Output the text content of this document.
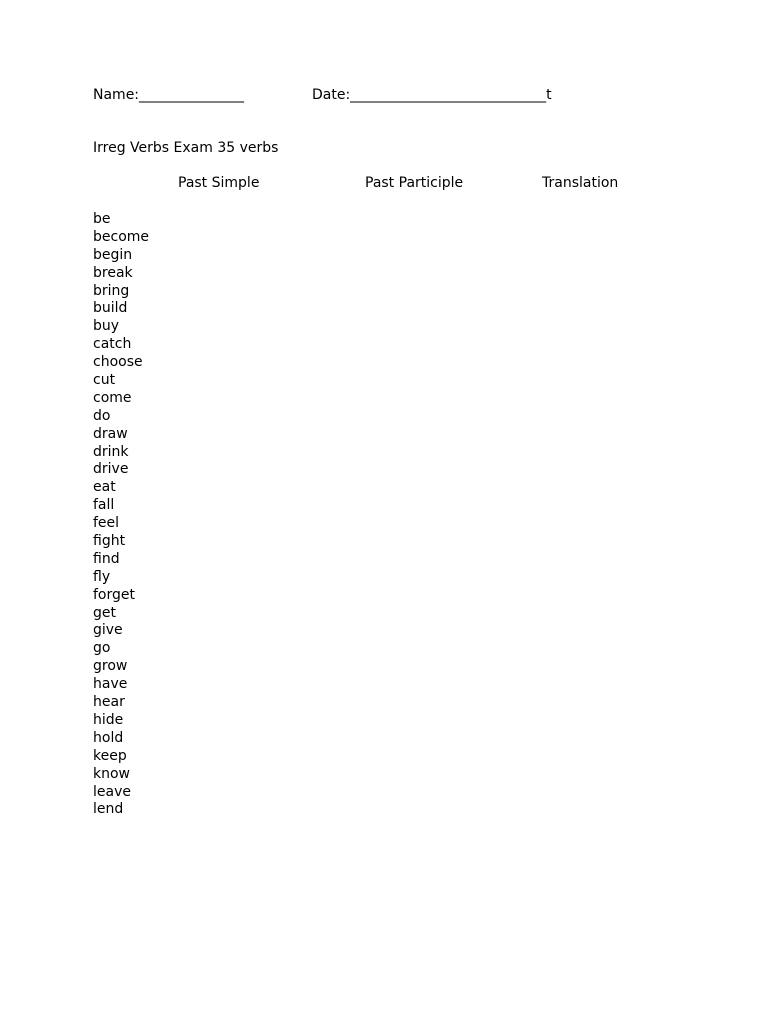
Name:_______________	Date:____________________________t
Irreg Verbs Exam 35 verbs
Past Simple	Past Participle	Translation
be
become
begin
break
bring
build
buy
catch
choose
cut
come
do
draw
drink
drive
eat
fall
feel
fight
find
fly
forget
get
give
go
grow
have
hear
hide
hold
keep
know
leave
lend
